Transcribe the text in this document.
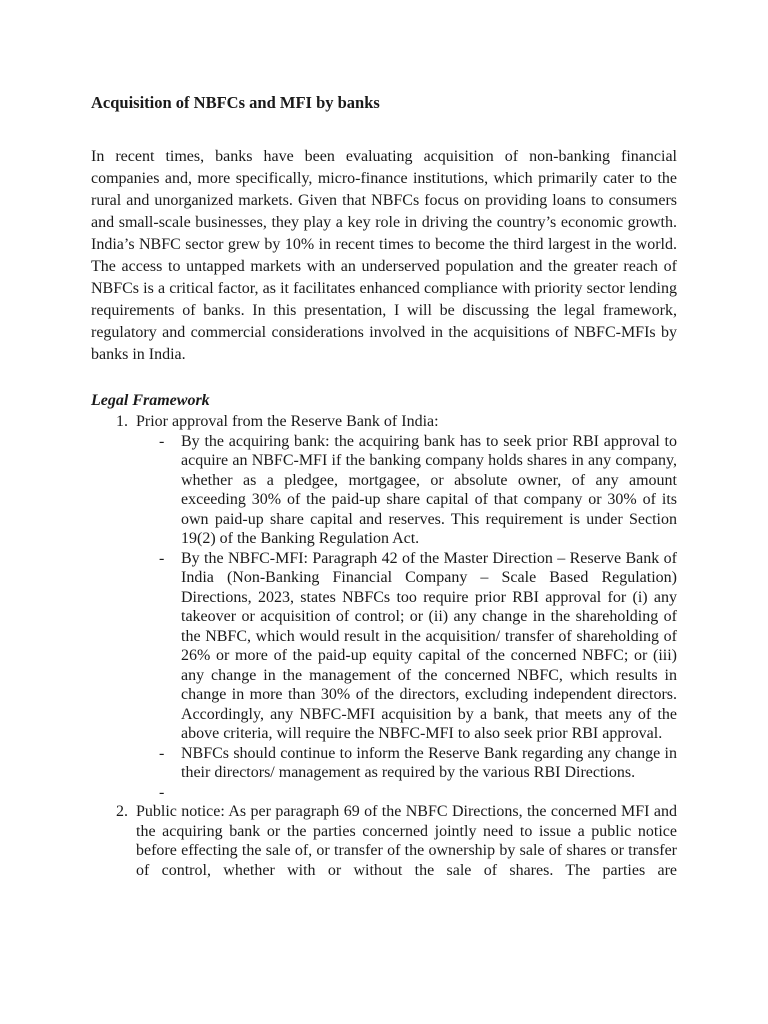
Acquisition of NBFCs and MFI by banks

In recent times, banks have been evaluating acquisition of non-banking financial companies and, more specifically, micro-finance institutions, which primarily cater to the rural and unorganized markets. Given that NBFCs focus on providing loans to consumers and small-scale businesses, they play a key role in driving the country’s economic growth. India’s NBFC sector grew by 10% in recent times to become the third largest in the world. The access to untapped markets with an underserved population and the greater reach of NBFCs is a critical factor, as it facilitates enhanced compliance with priority sector lending requirements of banks. In this presentation, I will be discussing the legal framework, regulatory and commercial considerations involved in the acquisitions of NBFC-MFIs by banks in India.

Legal Framework
1. Prior approval from the Reserve Bank of India:
- By the acquiring bank: the acquiring bank has to seek prior RBI approval to acquire an NBFC-MFI if the banking company holds shares in any company, whether as a pledgee, mortgagee, or absolute owner, of any amount exceeding 30% of the paid-up share capital of that company or 30% of its own paid-up share capital and reserves. This requirement is under Section 19(2) of the Banking Regulation Act.
- By the NBFC-MFI: Paragraph 42 of the Master Direction – Reserve Bank of India (Non-Banking Financial Company – Scale Based Regulation) Directions, 2023, states NBFCs too require prior RBI approval for (i) any takeover or acquisition of control; or (ii) any change in the shareholding of the NBFC, which would result in the acquisition/ transfer of shareholding of 26% or more of the paid-up equity capital of the concerned NBFC; or (iii) any change in the management of the concerned NBFC, which results in change in more than 30% of the directors, excluding independent directors. Accordingly, any NBFC-MFI acquisition by a bank, that meets any of the above criteria, will require the NBFC-MFI to also seek prior RBI approval.
- NBFCs should continue to inform the Reserve Bank regarding any change in their directors/ management as required by the various RBI Directions.
-
2. Public notice: As per paragraph 69 of the NBFC Directions, the concerned MFI and the acquiring bank or the parties concerned jointly need to issue a public notice before effecting the sale of, or transfer of the ownership by sale of shares or transfer of control, whether with or without the sale of shares. The parties are
